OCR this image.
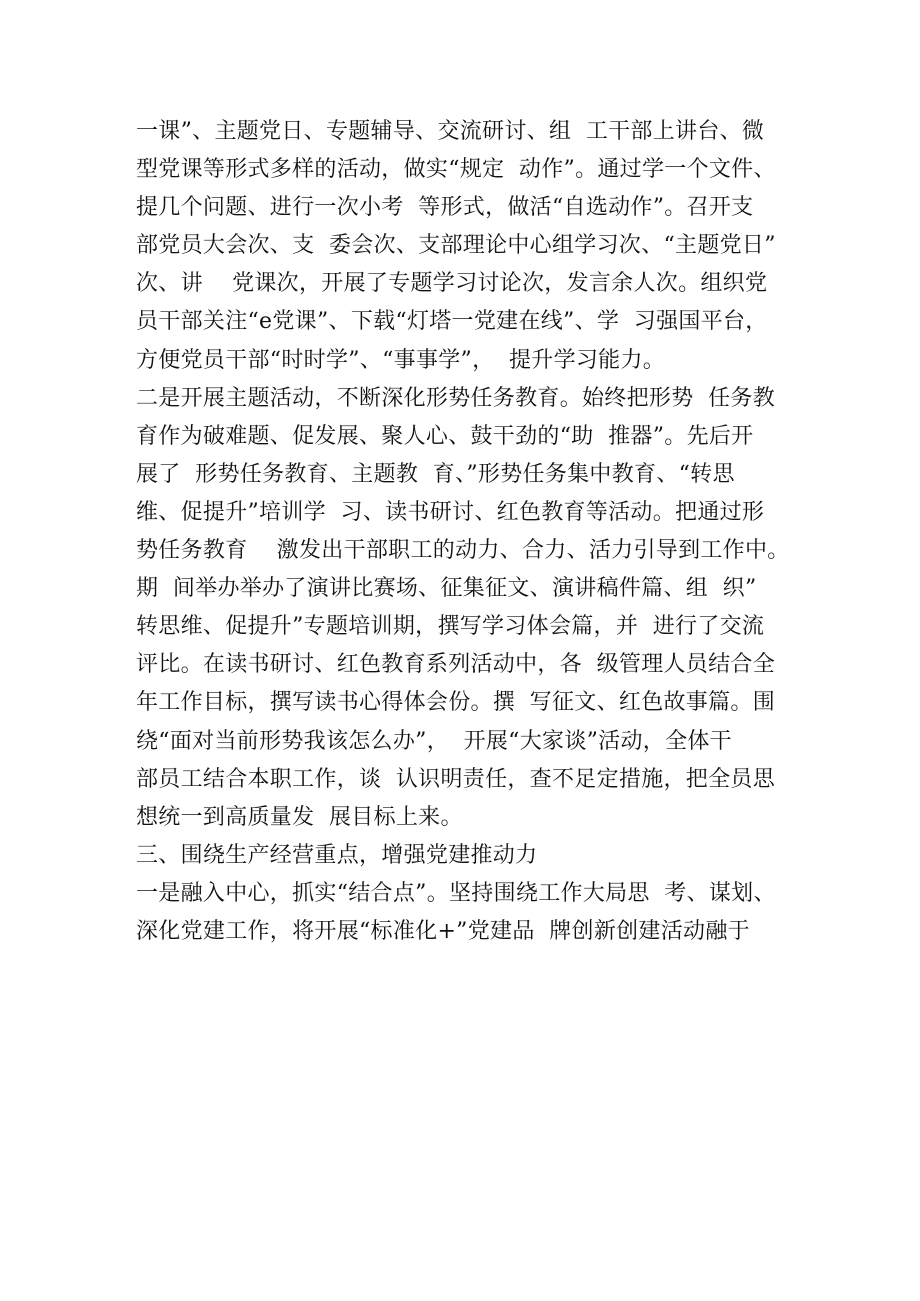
一课”、主题党日、专题辅导、交流研讨、组  工干部上讲台、微
型党课等形式多样的活动，做实“规定  动作”。通过学一个文件、
提几个问题、进行一次小考  等形式，做活“自选动作”。召开支
部党员大会次、支  委会次、支部理论中心组学习次、“主题党日”
次、讲    党课次，开展了专题学习讨论次，发言余人次。组织党
员干部关注“e党课”、下载“灯塔一党建在线”、学  习强国平台，
方便党员干部“时时学”、“事事学”，  提升学习能力。
二是开展主题活动，不断深化形势任务教育。始终把形势  任务教
育作为破难题、促发展、聚人心、鼓干劲的“助  推器”。先后开
展了  形势任务教育、主题教  育、”形势任务集中教育、“转思
维、促提升”培训学  习、读书研讨、红色教育等活动。把通过形
势任务教育    激发出干部职工的动力、合力、活力引导到工作中。
期  间举办举办了演讲比赛场、征集征文、演讲稿件篇、组  织”
转思维、促提升”专题培训期，撰写学习体会篇，并  进行了交流
评比。在读书研讨、红色教育系列活动中，各  级管理人员结合全
年工作目标，撰写读书心得体会份。撰  写征文、红色故事篇。围
绕“面对当前形势我该怎么办”，  开展“大家谈”活动，全体干
部员工结合本职工作，谈  认识明责任，查不足定措施，把全员思
想统一到高质量发  展目标上来。
三、围绕生产经营重点，增强党建推动力
一是融入中心，抓实“结合点”。坚持围绕工作大局思  考、谋划、
深化党建工作，将开展“标准化+”党建品  牌创新创建活动融于
